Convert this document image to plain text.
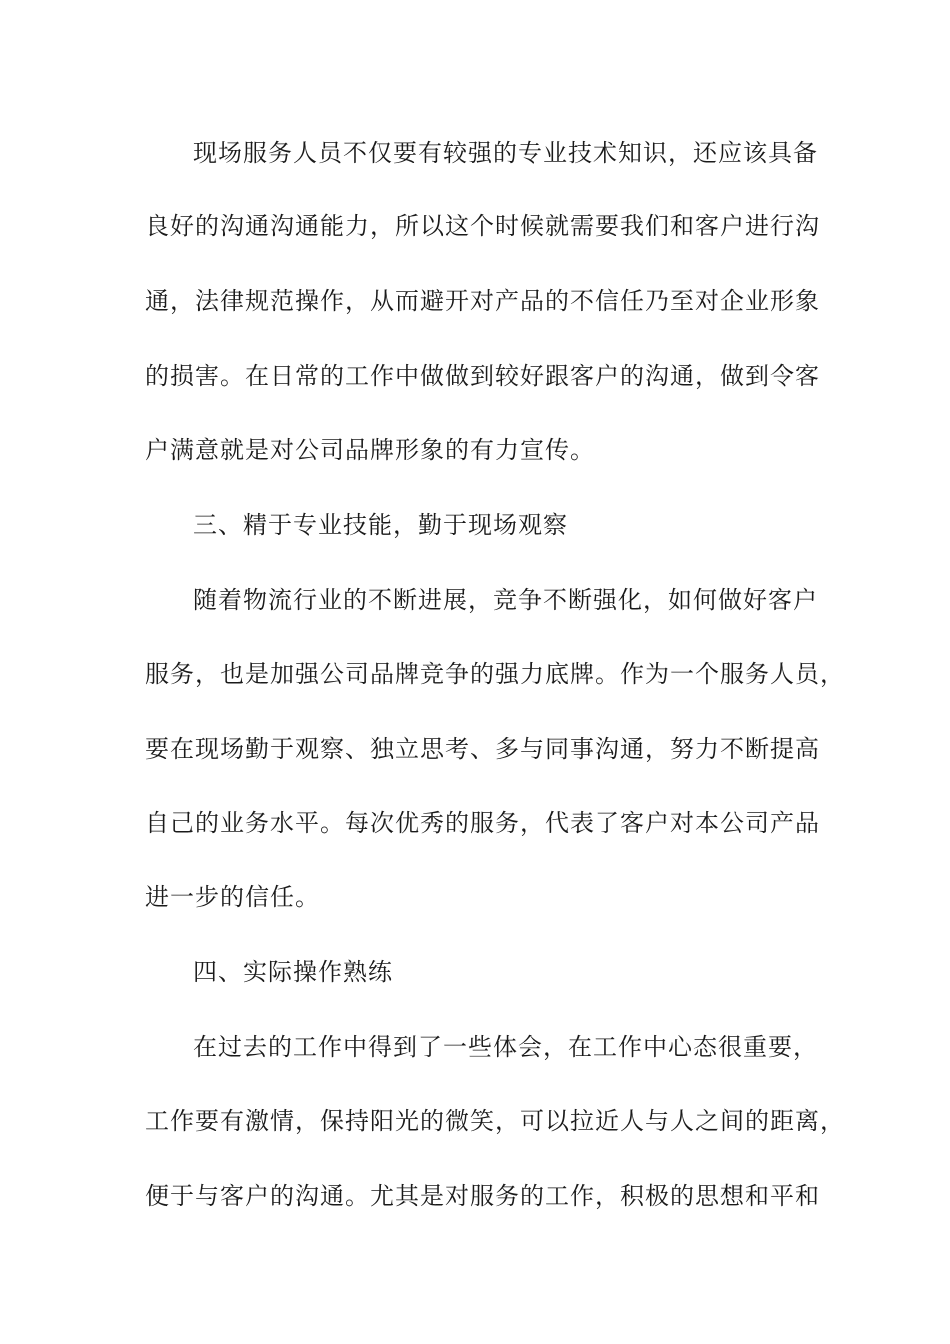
现场服务人员不仅要有较强的专业技术知识，还应该具备
良好的沟通沟通能力，所以这个时候就需要我们和客户进行沟
通，法律规范操作，从而避开对产品的不信任乃至对企业形象
的损害。在日常的工作中做做到较好跟客户的沟通，做到令客
户满意就是对公司品牌形象的有力宣传。
三、精于专业技能，勤于现场观察
随着物流行业的不断进展，竞争不断强化，如何做好客户
服务，也是加强公司品牌竞争的强力底牌。作为一个服务人员，
要在现场勤于观察、独立思考、多与同事沟通，努力不断提高
自己的业务水平。每次优秀的服务，代表了客户对本公司产品
进一步的信任。
四、实际操作熟练
在过去的工作中得到了一些体会，在工作中心态很重要，
工作要有激情，保持阳光的微笑，可以拉近人与人之间的距离，
便于与客户的沟通。尤其是对服务的工作，积极的思想和平和
